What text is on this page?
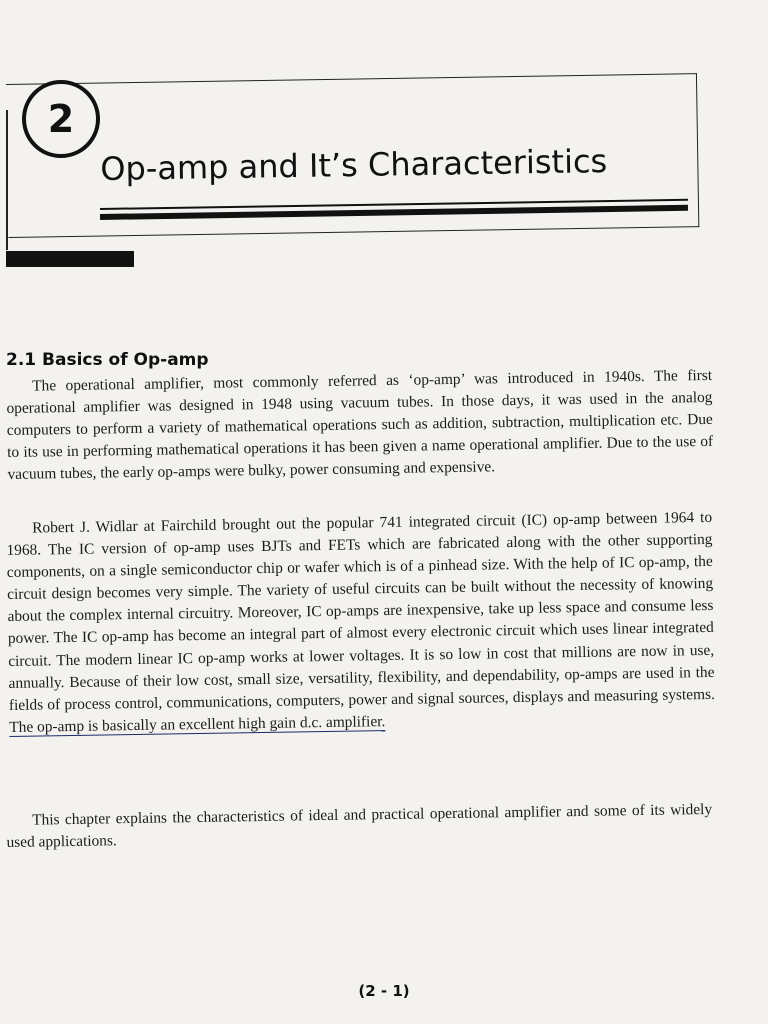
2
Op-amp and It’s Characteristics
2.1 Basics of Op-amp

The operational amplifier, most commonly referred as ‘op-amp’ was introduced in 1940s. The first operational amplifier was designed in 1948 using vacuum tubes. In those days, it was used in the analog computers to perform a variety of mathematical operations such as addition, subtraction, multiplication etc. Due to its use in performing mathematical operations it has been given a name operational amplifier. Due to the use of vacuum tubes, the early op-amps were bulky, power consuming and expensive.

Robert J. Widlar at Fairchild brought out the popular 741 integrated circuit (IC) op-amp between 1964 to 1968. The IC version of op-amp uses BJTs and FETs which are fabricated along with the other supporting components, on a single semiconductor chip or wafer which is of a pinhead size. With the help of IC op-amp, the circuit design becomes very simple. The variety of useful circuits can be built without the necessity of knowing about the complex internal circuitry. Moreover, IC op-amps are inexpensive, take up less space and consume less power. The IC op-amp has become an integral part of almost every electronic circuit which uses linear integrated circuit. The modern linear IC op-amp works at lower voltages. It is so low in cost that millions are now in use, annually. Because of their low cost, small size, versatility, flexibility, and dependability, op-amps are used in the fields of process control, communications, computers, power and signal sources, displays and measuring systems. The op-amp is basically an excellent high gain d.c. amplifier.

This chapter explains the characteristics of ideal and practical operational amplifier and some of its widely used applications.

(2 - 1)
